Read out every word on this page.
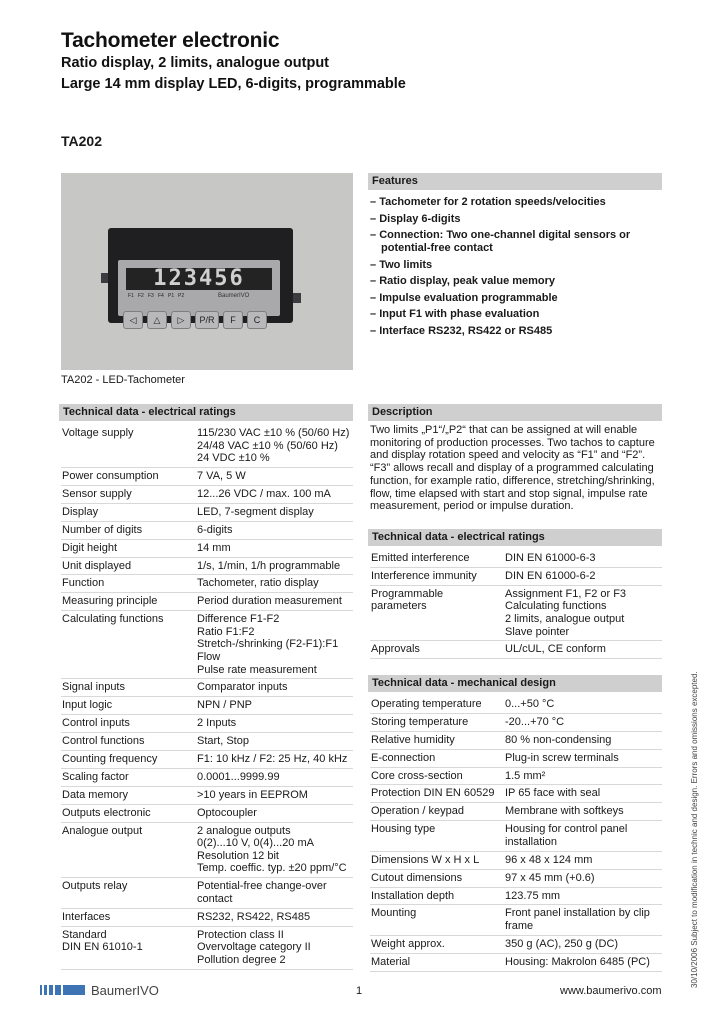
Tachometer electronic
Ratio display, 2 limits, analogue output
Large 14 mm display LED, 6-digits, programmable
TA202
123456
F1 F2 F3 F4 P1 P2	BaumerIVO
◁	△	▷	P/R	F	C
TA202 - LED-Tachometer
Features
– Tachometer for 2 rotation speeds/velocities
– Display 6-digits
– Connection: Two one-channel digital sensors or potential-free contact
– Two limits
– Ratio display, peak value memory
– Impulse evaluation programmable
– Input F1 with phase evaluation
– Interface RS232, RS422 or RS485
Technical data - electrical ratings
Voltage supply	115/230 VAC ±10 % (50/60 Hz)
24/48 VAC ±10 % (50/60 Hz)
24 VDC ±10 %
Power consumption	7 VA, 5 W
Sensor supply	12...26 VDC / max. 100 mA
Display	LED, 7-segment display
Number of digits	6-digits
Digit height	14 mm
Unit displayed	1/s, 1/min, 1/h programmable
Function	Tachometer, ratio display
Measuring principle	Period duration measurement
Calculating functions	Difference F1-F2
Ratio F1:F2
Stretch-/shrinking (F2-F1):F1
Flow
Pulse rate measurement
Signal inputs	Comparator inputs
Input logic	NPN / PNP
Control inputs	2 Inputs
Control functions	Start, Stop
Counting frequency	F1: 10 kHz / F2: 25 Hz, 40 kHz
Scaling factor	0.0001...9999.99
Data memory	>10 years in EEPROM
Outputs electronic	Optocoupler
Analogue output	2 analogue outputs
0(2)...10 V, 0(4)...20 mA
Resolution 12 bit
Temp. coeffic. typ. ±20 ppm/°C
Outputs relay	Potential-free change-over
contact
Interfaces	RS232, RS422, RS485
Standard
DIN EN 61010-1	Protection class II
Overvoltage category II
Pollution degree 2
Description

Two limits „P1“/„P2“ that can be assigned at will enable monitoring of production processes. Two tachos to capture and display rotation speed and velocity as “F1” and “F2”. “F3” allows recall and display of a programmed calculating function, for example ratio, difference, stretching/shrinking, flow, time elapsed with start and stop signal, impulse rate measurement, period or impulse duration.

Technical data - electrical ratings
Emitted interference	DIN EN 61000-6-3
Interference immunity	DIN EN 61000-6-2
Programmable
parameters	Assignment F1, F2 or F3
Calculating functions
2 limits, analogue output
Slave pointer
Approvals	UL/cUL, CE conform
Technical data - mechanical design
Operating temperature	0...+50 °C
Storing temperature	-20...+70 °C
Relative humidity	80 % non-condensing
E-connection	Plug-in screw terminals
Core cross-section	1.5 mm²
Protection DIN EN 60529	IP 65 face with seal
Operation / keypad	Membrane with softkeys
Housing type	Housing for control panel
installation
Dimensions W x H x L	96 x 48 x 124 mm
Cutout dimensions	97 x 45 mm (+0.6)
Installation depth	123.75 mm
Mounting	Front panel installation by clip
frame
Weight approx.	350 g (AC), 250 g (DC)
Material	Housing: Makrolon 6485 (PC)
BaumerIVO	1	www.baumerivo.com
30/10/2006 Subject to modification in technic and design. Errors and omissions excepted.
